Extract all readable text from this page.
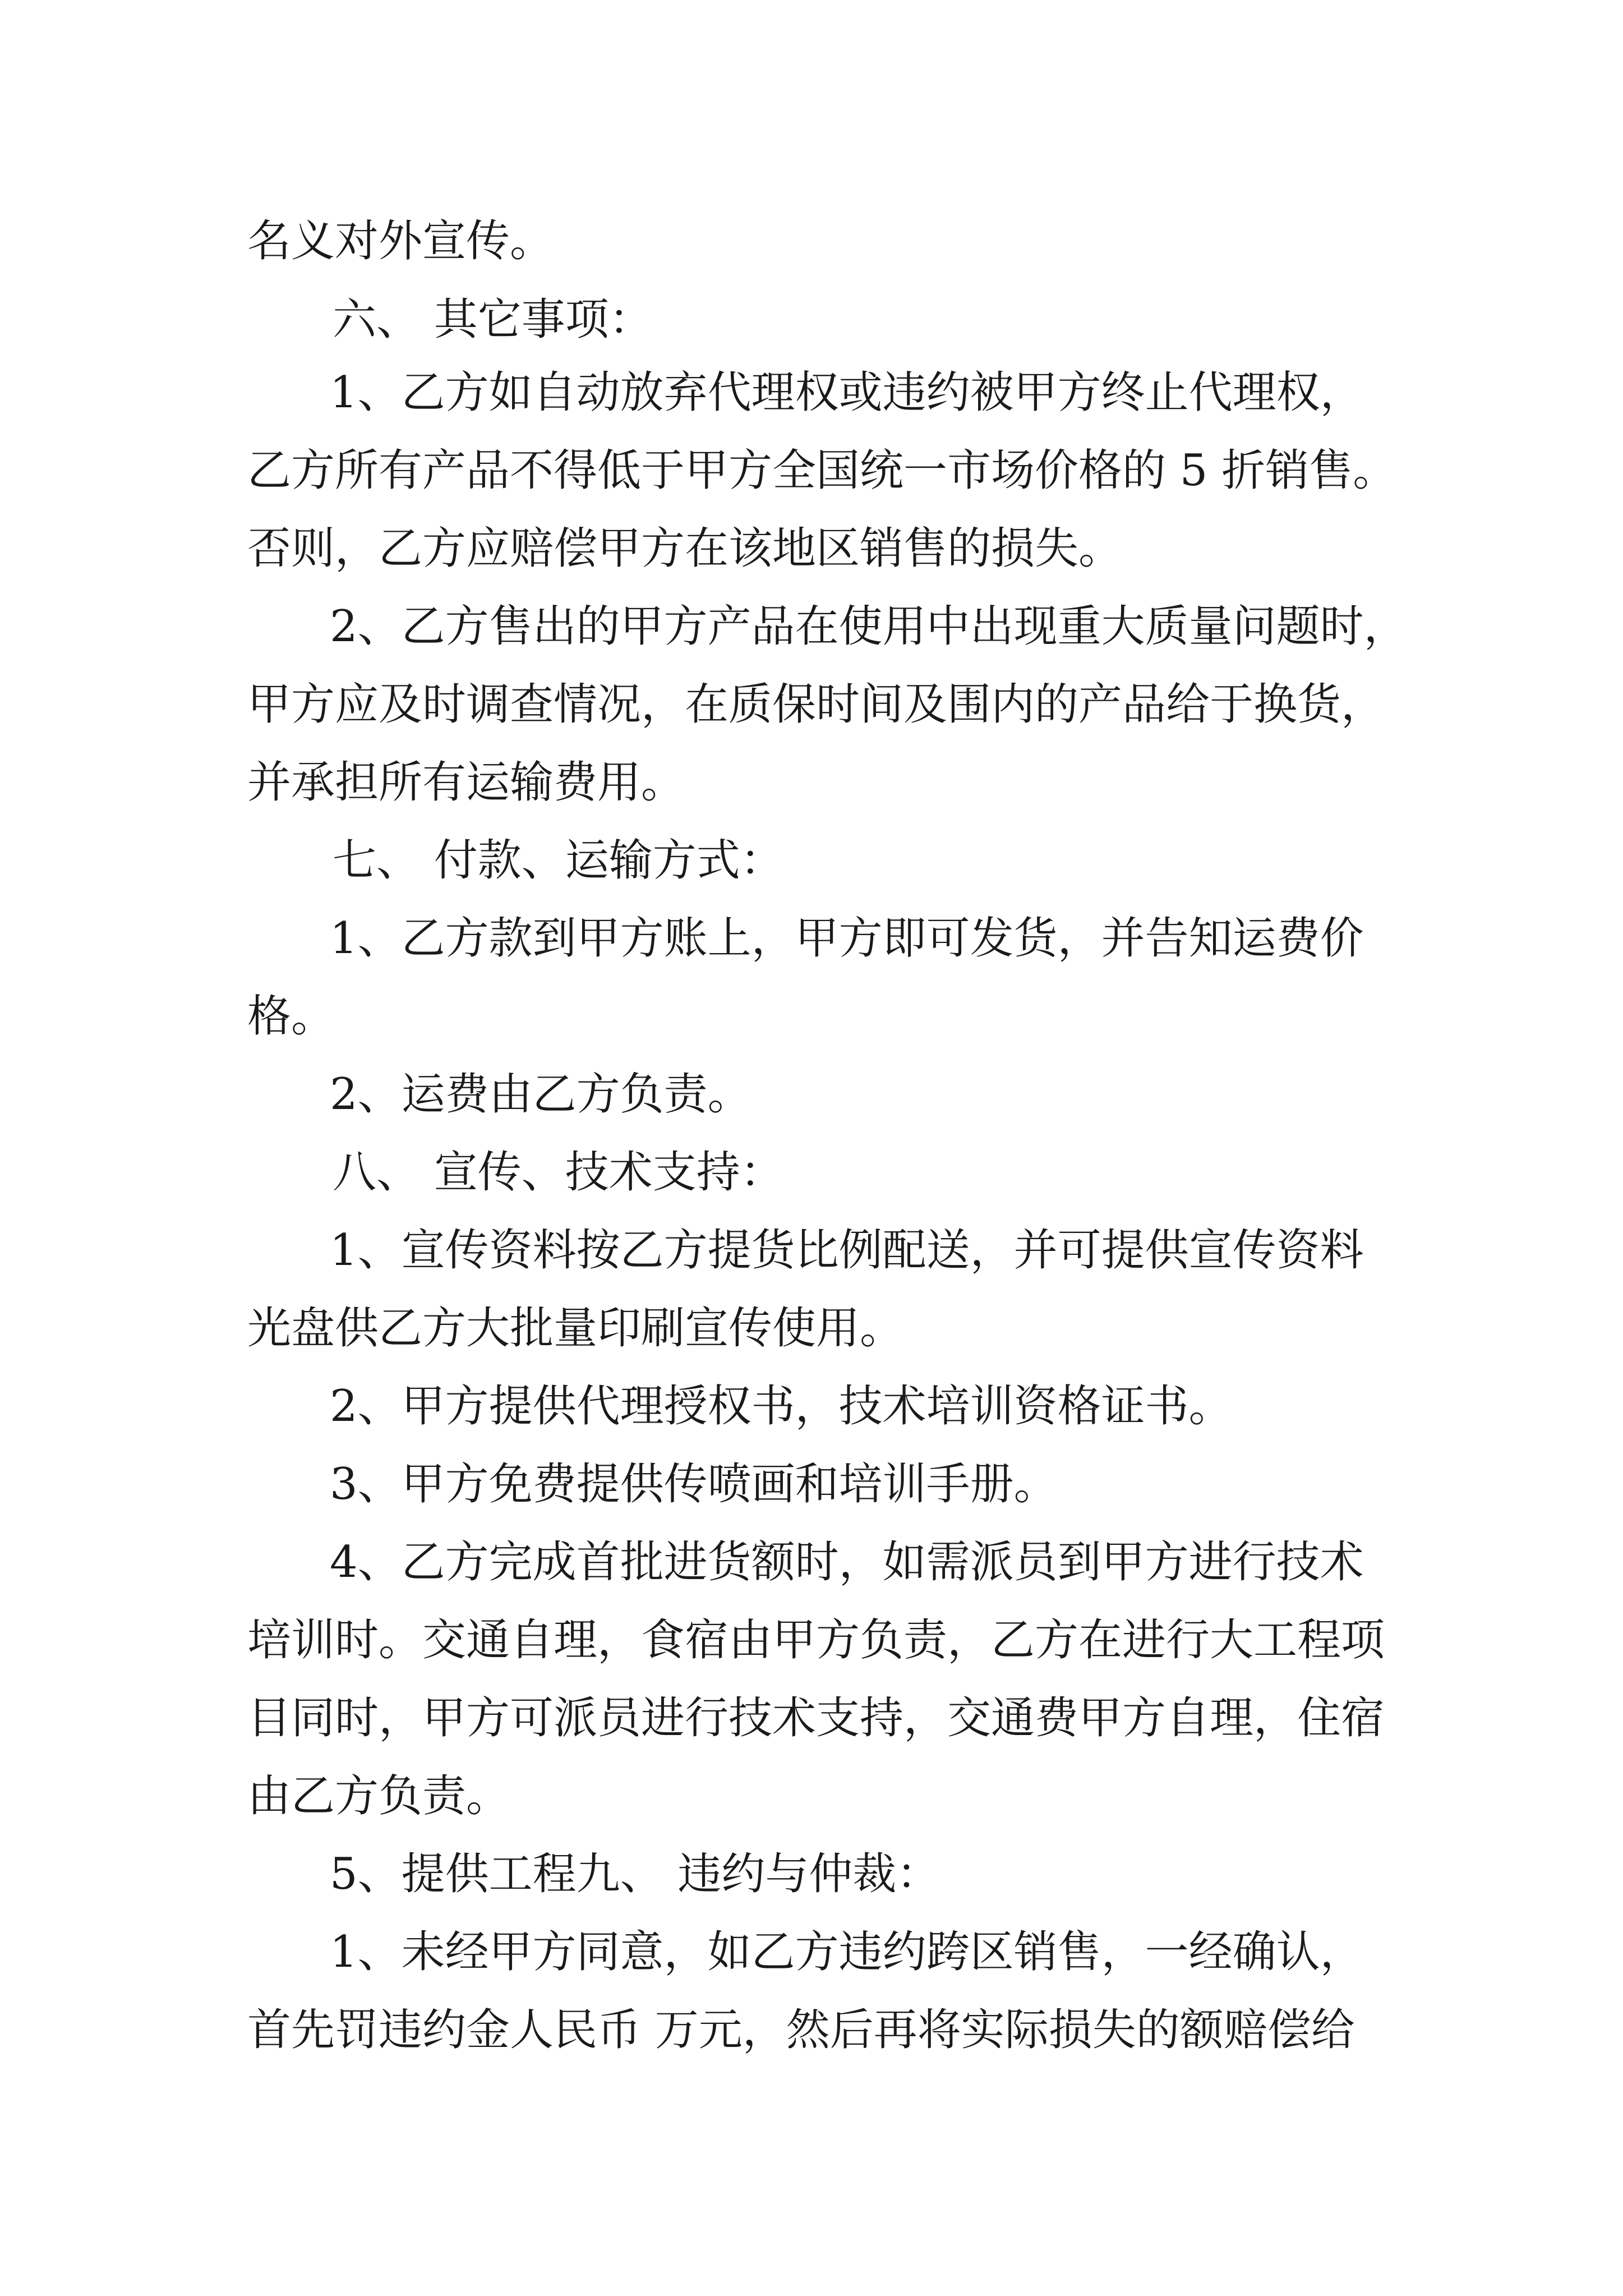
名义对外宣传。

六、 其它事项：

1、乙方如自动放弃代理权或违约被甲方终止代理权，

乙方所有产品不得低于甲方全国统一市场价格的 5 折销售。

否则，乙方应赔偿甲方在该地区销售的损失。

2、乙方售出的甲方产品在使用中出现重大质量问题时，

甲方应及时调查情况，在质保时间及围内的产品给于换货，

并承担所有运输费用。

七、 付款、运输方式：

1、乙方款到甲方账上，甲方即可发货，并告知运费价

格。

2、运费由乙方负责。

八、 宣传、技术支持：

1、宣传资料按乙方提货比例配送，并可提供宣传资料

光盘供乙方大批量印刷宣传使用。

2、甲方提供代理授权书，技术培训资格证书。

3、甲方免费提供传喷画和培训手册。

4、乙方完成首批进货额时，如需派员到甲方进行技术

培训时。交通自理，食宿由甲方负责，乙方在进行大工程项

目同时，甲方可派员进行技术支持，交通费甲方自理，住宿

由乙方负责。

5、提供工程九、 违约与仲裁：

1、未经甲方同意，如乙方违约跨区销售，一经确认，

首先罚违约金人民币 万元，然后再将实际损失的额赔偿给
